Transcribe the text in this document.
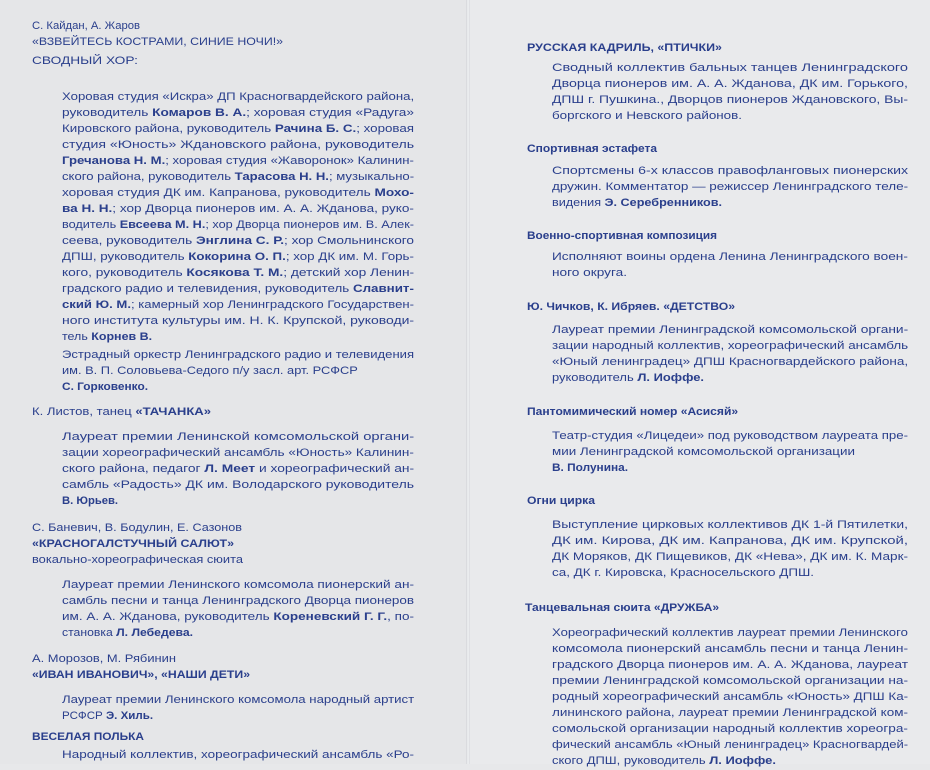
С. Кайдан, А. Жаров
«ВЗВЕЙТЕСЬ КОСТРАМИ, СИНИЕ НОЧИ!»
СВОДНЫЙ ХОР:
Хоровая студия «Искра» ДП Красногвардейского района,
руководитель Комаров В. А.; хоровая студия «Радуга»
Кировского района, руководитель Рачина Б. С.; хоровая
студия «Юность» Ждановского района, руководитель
Гречанова Н. М.; хоровая студия «Жаворонок» Калинин-
ского района, руководитель Тарасова Н. Н.; музыкально-
хоровая студия ДК им. Капранова, руководитель Мохо-
ва Н. Н.; хор Дворца пионеров им. А. А. Жданова, руко-
водитель Евсеева М. Н.; хор Дворца пионеров им. В. Алек-
сеева, руководитель Энглина С. Р.; хор Смольнинского
ДПШ, руководитель Кокорина О. П.; хор ДК им. М. Горь-
кого, руководитель Косякова Т. М.; детский хор Ленин-
градского радио и телевидения, руководитель Славнит-
ский Ю. М.; камерный хор Ленинградского Государствен-
ного института культуры им. Н. К. Крупской, руководи-
тель Корнев В.
Эстрадный оркестр Ленинградского радио и телевидения
им. В. П. Соловьева-Седого п/у засл. арт. РСФСР
С. Горковенко.
К. Листов, танец «ТАЧАНКА»
Лауреат премии Ленинской комсомольской органи-
зации хореографический ансамбль «Юность» Калинин-
ского района, педагог Л. Меет и хореографический ан-
самбль «Радость» ДК им. Володарского руководитель
В. Юрьев.
С. Баневич, В. Бодулин, Е. Сазонов
«КРАСНОГАЛСТУЧНЫЙ САЛЮТ»
вокально-хореографическая сюита
Лауреат премии Ленинского комсомола пионерский ан-
самбль песни и танца Ленинградского Дворца пионеров
им. А. А. Жданова, руководитель Кореневский Г. Г., по-
становка Л. Лебедева.
А. Морозов, М. Рябинин
«ИВАН ИВАНОВИЧ», «НАШИ ДЕТИ»
Лауреат премии Ленинского комсомола народный артист
РСФСР Э. Хиль.
ВЕСЕЛАЯ ПОЛЬКА
Народный коллектив, хореографический ансамбль «Ро-
РУССКАЯ КАДРИЛЬ, «ПТИЧКИ»
Сводный коллектив бальных танцев Ленинградского
Дворца пионеров им. А. А. Жданова, ДК им. Горького,
ДПШ г. Пушкина., Дворцов пионеров Ждановского, Вы-
боргского и Невского районов.
Спортивная эстафета
Спортсмены 6-х классов правофланговых пионерских
дружин. Комментатор — режиссер Ленинградского теле-
видения Э. Серебренников.
Военно-спортивная композиция
Исполняют воины ордена Ленина Ленинградского воен-
ного округа.
Ю. Чичков, К. Ибряев. «ДЕТСТВО»
Лауреат премии Ленинградской комсомольской органи-
зации народный коллектив, хореографический ансамбль
«Юный ленинградец» ДПШ Красногвардейского района,
руководитель Л. Иоффе.
Пантомимический номер «Асисяй»
Театр-студия «Лицедеи» под руководством лауреата пре-
мии Ленинградской комсомольской организации
В. Полунина.
Огни цирка
Выступление цирковых коллективов ДК 1-й Пятилетки,
ДК им. Кирова, ДК им. Капранова, ДК им. Крупской,
ДК Моряков, ДК Пищевиков, ДК «Нева», ДК им. К. Марк-
са, ДК г. Кировска, Красносельского ДПШ.
Танцевальная сюита «ДРУЖБА»
Хореографический коллектив лауреат премии Ленинского
комсомола пионерский ансамбль песни и танца Ленин-
градского Дворца пионеров им. А. А. Жданова, лауреат
премии Ленинградской комсомольской организации на-
родный хореографический ансамбль «Юность» ДПШ Ка-
лининского района, лауреат премии Ленинградской ком-
сомольской организации народный коллектив хореогра-
фический ансамбль «Юный ленинградец» Красногвардей-
ского ДПШ, руководитель Л. Иоффе.
